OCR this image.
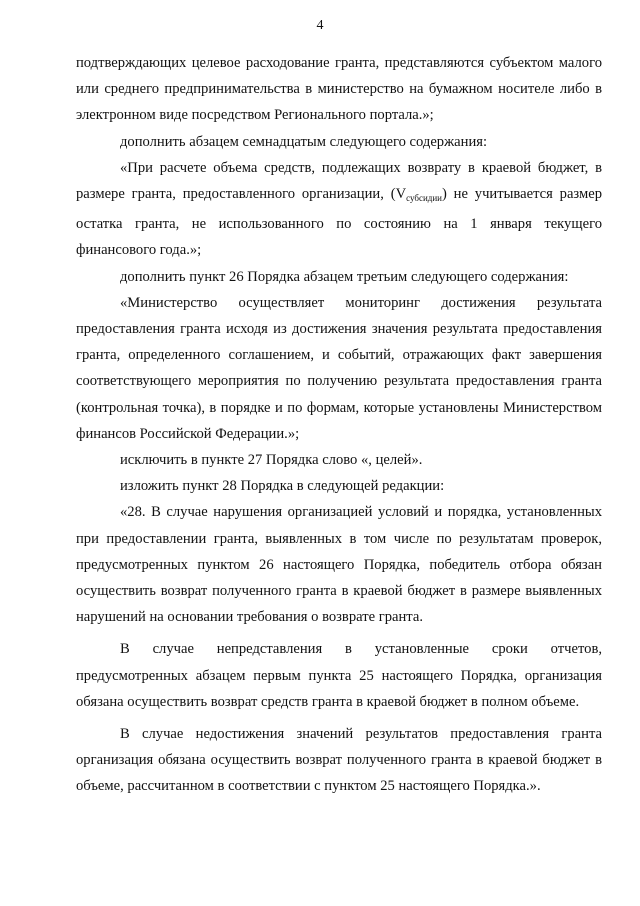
4

подтверждающих целевое расходование гранта, представляются субъектом малого или среднего предпринимательства в министерство на бумажном носителе либо в электронном виде посредством Регионального портала.»;

дополнить абзацем семнадцатым следующего содержания:

«При расчете объема средств, подлежащих возврату в краевой бюджет, в размере гранта, предоставленного организации, $(V_{субсидии})$ не учитывается размер остатка гранта, не использованного по состоянию на 1 января текущего финансового года.»;

дополнить пункт 26 Порядка абзацем третьим следующего содержания:

«Министерство осуществляет мониторинг достижения результата предоставления гранта исходя из достижения значения результата предоставления гранта, определенного соглашением, и событий, отражающих факт завершения соответствующего мероприятия по получению результата предоставления гранта (контрольная точка), в порядке и по формам, которые установлены Министерством финансов Российской Федерации.»;

исключить в пункте 27 Порядка слово «, целей».

изложить пункт 28 Порядка в следующей редакции:

«28. В случае нарушения организацией условий и порядка, установленных при предоставлении гранта, выявленных в том числе по результатам проверок, предусмотренных пунктом 26 настоящего Порядка, победитель отбора обязан осуществить возврат полученного гранта в краевой бюджет в размере выявленных нарушений на основании требования о возврате гранта.

В случае непредставления в установленные сроки отчетов, предусмотренных абзацем первым пункта 25 настоящего Порядка, организация обязана осуществить возврат средств гранта в краевой бюджет в полном объеме.

В случае недостижения значений результатов предоставления гранта организация обязана осуществить возврат полученного гранта в краевой бюджет в объеме, рассчитанном в соответствии с пунктом 25 настоящего Порядка.».
